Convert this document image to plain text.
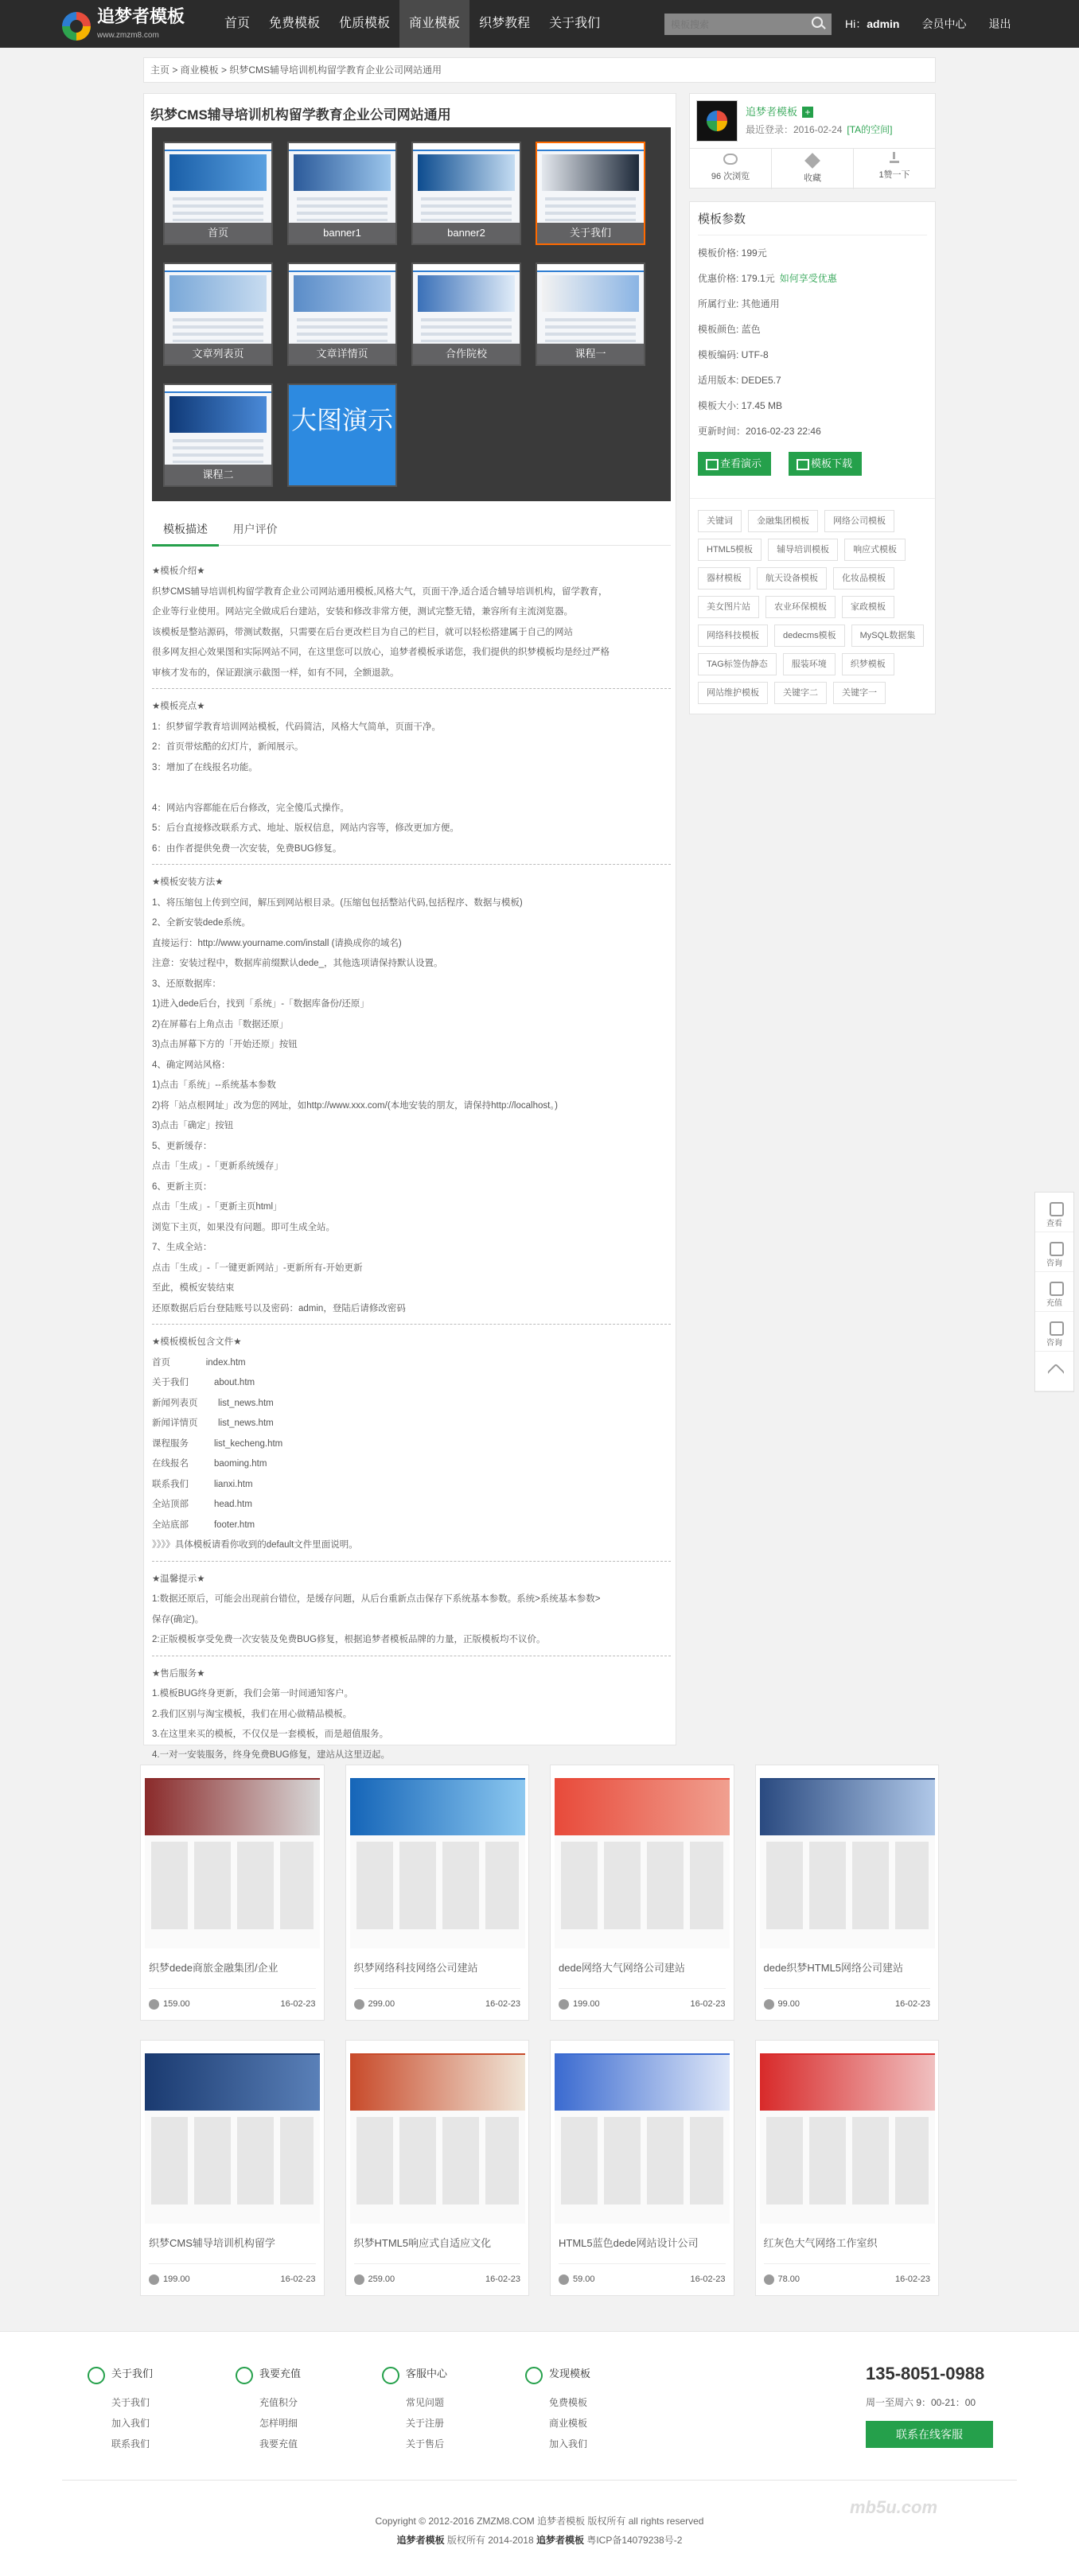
追梦者模板
www.zmzm8.com
首页	免费模板	优质模板	商业模板	织梦教程	关于我们
模板搜索	Hi：admin 会员中心 退出
主页 > 商业模板 > 织梦CMS辅导培训机构留学教育企业公司网站通用
织梦CMS辅导培训机构留学教育企业公司网站通用
首页	banner1	banner2	关于我们
文章列表页	文章详情页	合作院校	课程一
课程二
大图演示
模板描述 用户评价

★模板介绍★
织梦CMS辅导培训机构留学教育企业公司网站通用模板,风格大气，页面干净,适合适合辅导培训机构，留学教育，
企业等行业使用。网站完全做成后台建站，安装和修改非常方便，测试完整无错，兼容所有主流浏览器。
该模板是整站源码，带测试数据，只需要在后台更改栏目为自己的栏目，就可以轻松搭建属于自己的网站
很多网友担心效果图和实际网站不同，在这里您可以放心，追梦者模板承诺您，我们提供的织梦模板均是经过严格
审核才发布的，保证跟演示截图一样，如有不同，全额退款。

★模板亮点★
1：织梦留学教育培训网站模板，代码简洁，风格大气简单，页面干净。
2：首页带炫酷的幻灯片，新闻展示。
3：增加了在线报名功能。

4：网站内容都能在后台修改，完全傻瓜式操作。
5：后台直接修改联系方式、地址、版权信息，网站内容等，修改更加方便。
6：由作者提供免费一次安装，免费BUG修复。

★模板安装方法★
1、将压缩包上传到空间，解压到网站根目录。(压缩包包括整站代码,包括程序、数据与模板)
2、全新安装dede系统。
直接运行：http://www.yourname.com/install (请换成你的域名)
注意：安装过程中，数据库前缀默认dede_，其他选项请保持默认设置。
3、还原数据库：
1)进入dede后台，找到「系统」-「数据库备份/还原」
2)在屏幕右上角点击「数据还原」
3)点击屏幕下方的「开始还原」按钮
4、确定网站风格：
1)点击「系统」--系统基本参数
2)将「站点根网址」改为您的网址，如http://www.xxx.com/(本地安装的朋友，请保持http://localhost。)
3)点击「确定」按钮
5、更新缓存：
点击「生成」-「更新系统缓存」
6、更新主页：
点击「生成」-「更新主页html」
浏览下主页，如果没有问题。即可生成全站。
7、生成全站：
点击「生成」-「一键更新网站」-更新所有-开始更新
至此，模板安装结束
还原数据后后台登陆账号以及密码：admin，登陆后请修改密码

★模板模板包含文件★
首页              index.htm
关于我们          about.htm
新闻列表页        list_news.htm
新闻详情页        list_news.htm
课程服务          list_kecheng.htm
在线报名          baoming.htm
联系我们          lianxi.htm
全站顶部          head.htm
全站底部          footer.htm
》》》》具体模板请看你收到的default文件里面说明。

★温馨提示★
1:数据还原后，可能会出现前台错位，是缓存问题，从后台重新点击保存下系统基本参数。系统>系统基本参数>
保存(确定)。
2:正版模板享受免费一次安装及免费BUG修复，根据追梦者模板品牌的力量，正版模板均不议价。

★售后服务★
1.模板BUG终身更新，我们会第一时间通知客户。
2.我们区别与淘宝模板，我们在用心做精品模板。
3.在这里来买的模板，不仅仅是一套模板，而是超值服务。
4.一对一安装服务，终身免费BUG修复，建站从这里迈起。

追梦者模板 +
最近登录：2016-02-24 [TA的空间]
96 次浏览	收藏	1赞一下
模板参数
模板价格: 199元
优惠价格: 179.1元 如何享受优惠
所属行业: 其他通用
模板颜色: 蓝色
模板编码: UTF-8
适用版本: DEDE5.7
模板大小: 17.45 MB
更新时间：2016-02-23 22:46
查看演示	模板下载
关键词	金融集团模板	网络公司模板
HTML5模板	辅导培训模板	响应式模板
器材模板	航天设备模板	化妆品模板
美女图片站	农业环保模板	家政模板
网络科技模板	dedecms模板	MySQL数据集
TAG标签伪静态	服装环境	织梦模板
网站维护模板	关键字二	关键字一
织梦dede商旅金融集团/企业
159.00	16-02-23
织梦网络科技网络公司建站
299.00	16-02-23
dede网络大气网络公司建站
199.00	16-02-23
dede织梦HTML5网络公司建站
99.00	16-02-23
织梦CMS辅导培训机构留学
199.00	16-02-23
织梦HTML5响应式自适应文化
259.00	16-02-23
HTML5蓝色dede网站设计公司
59.00	16-02-23
红灰色大气网络工作室织
78.00	16-02-23
查看
咨询
充值
咨询
关于我们
关于我们
加入我们
联系我们
我要充值
充值积分
怎样明细
我要充值
客服中心
常见问题
关于注册
关于售后
发现模板
免费模板
商业模板
加入我们
135-8051-0988
周一至周六 9：00-21：00
联系在线客服
mb5u.com
Copyright © 2012-2016 ZMZM8.COM 追梦者模板 版权所有 all rights reserved
追梦者模板 版权所有 2014-2018 追梦者模板 粤ICP备14079238号-2
